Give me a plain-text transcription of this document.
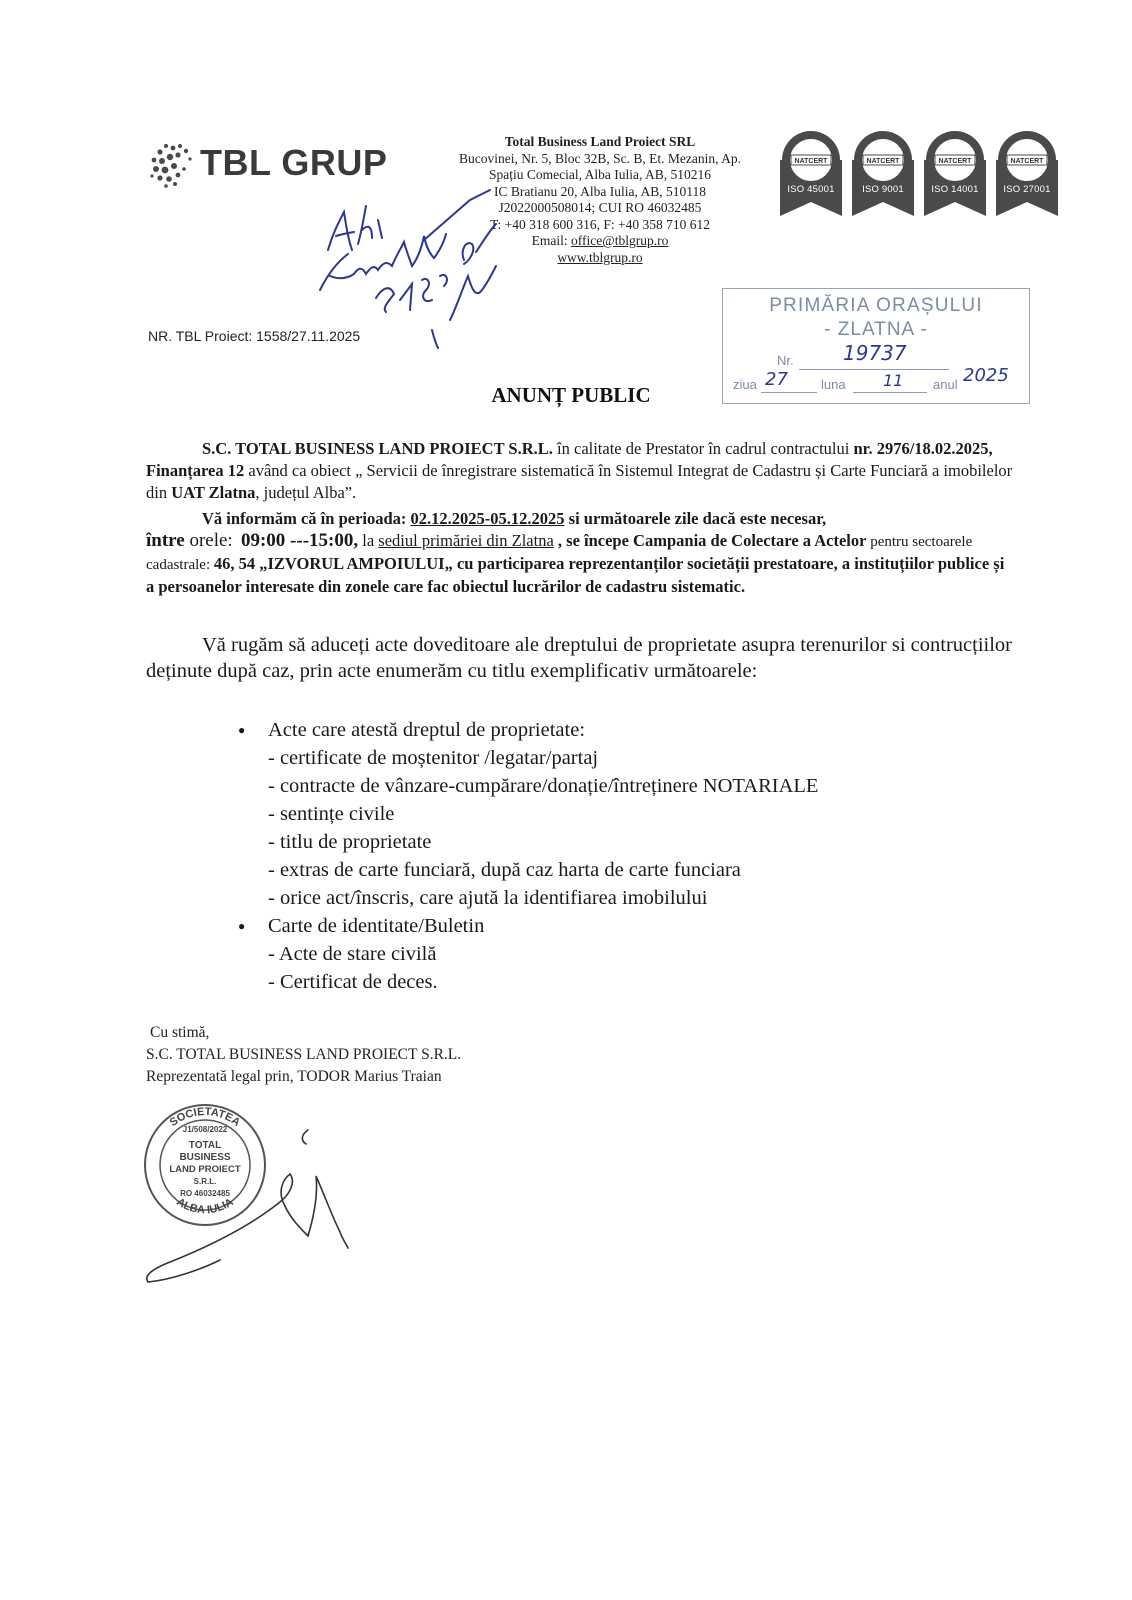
TBL GRUP
Total Business Land Proiect SRL
Bucovinei, Nr. 5, Bloc 32B, Sc. B, Et. Mezanin, Ap.
Spațiu Comecial, Alba Iulia, AB, 510216
IC Bratianu 20, Alba Iulia, AB, 510118
J2022000508014; CUI RO 46032485
T: +40 318 600 316, F: +40 358 710 612
Email: office@tblgrup.ro
www.tblgrup.ro
NATCERT
ISO 45001
NATCERT
ISO 9001
NATCERT
ISO 14001
NATCERT
ISO 27001
NR. TBL Proiect: 1558/27.11.2025
PRIMĂRIA ORAȘULUI
- ZLATNA -
Nr. 19737
ziua 27	luna 11 anul 2025
ANUNȚ PUBLIC
S.C. TOTAL BUSINESS LAND PROIECT S.R.L. în calitate de Prestator în cadrul contractului nr. 2976/18.02.2025, Finanțarea 12 având ca obiect „ Servicii de înregistrare sistematică în Sistemul Integrat de Cadastru și Carte Funciară a imobilelor din UAT Zlatna, județul Alba”.
Vă informăm că în perioada: 02.12.2025-05.12.2025 si următoarele zile dacă este necesar,
între orele: 09:00 ---15:00, la sediul primăriei din Zlatna , se începe Campania de Colectare a Actelor pentru sectoarele cadastrale: 46, 54 „IZVORUL AMPOIULUI„ cu participarea reprezentanților societății prestatoare, a instituțiilor publice și a persoanelor interesate din zonele care fac obiectul lucrărilor de cadastru sistematic.
Vă rugăm să aduceți acte doveditoare ale dreptului de proprietate asupra terenurilor si contrucțiilor deținute după caz, prin acte enumerăm cu titlu exemplificativ următoarele:
● Acte care atestă dreptul de proprietate:
- certificate de moștenitor /legatar/partaj
- contracte de vânzare-cumpărare/donație/întreținere NOTARIALE
- sentințe civile
- titlu de proprietate
- extras de carte funciară, după caz harta de carte funciara
- orice act/înscris, care ajută la identifiarea imobilului
● Carte de identitate/Buletin
- Acte de stare civilă
- Certificat de deces.
Cu stimă,
S.C. TOTAL BUSINESS LAND PROIECT S.R.L.
Reprezentată legal prin, TODOR Marius Traian
SOCIETATEA
ALBA IULIA
J1/508/2022
TOTAL
BUSINESS
LAND PROIECT
S.R.L.
RO 46032485
